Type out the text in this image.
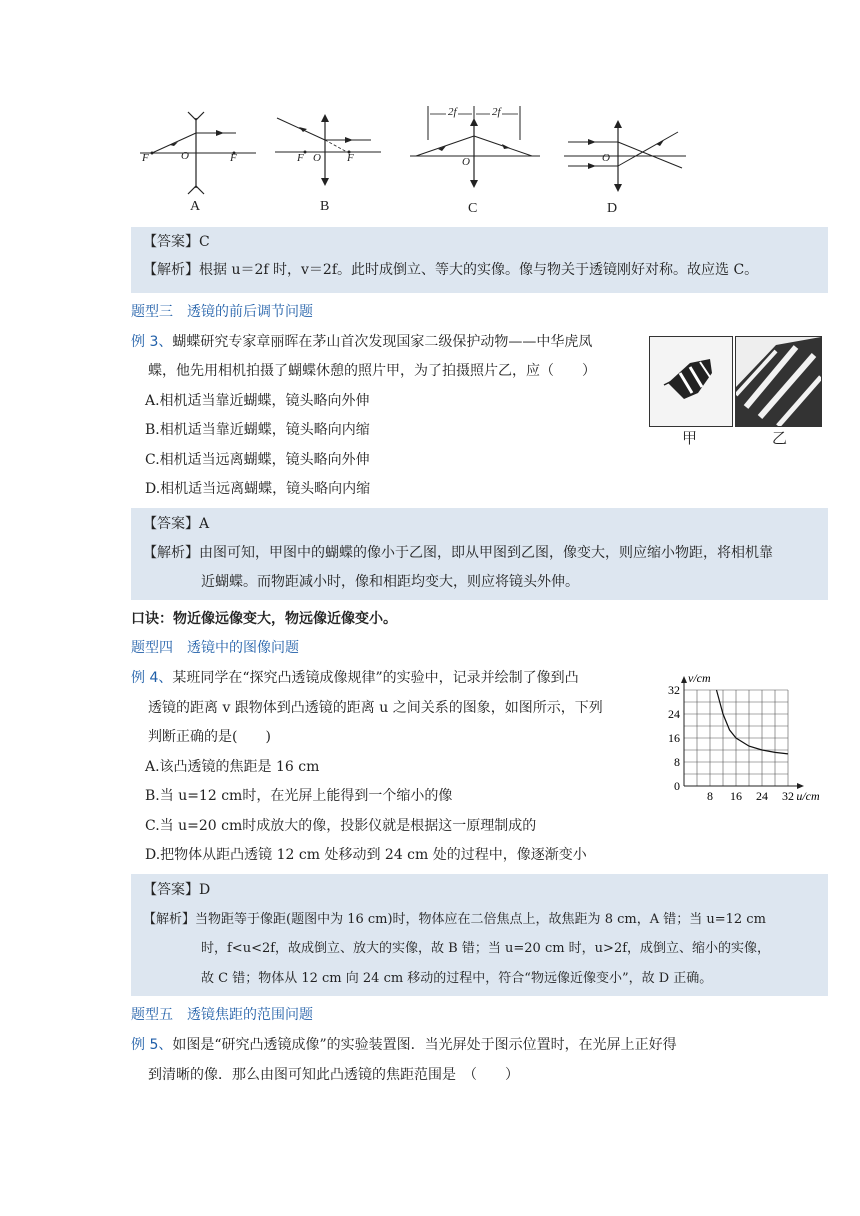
F	O	F
A
F O F
B
2f	2f
O
C
O
D
【答案】C
【解析】根据 u＝2f 时，v＝2f。此时成倒立、等大的实像。像与物关于透镜刚好对称。故应选 C。
题型三　透镜的前后调节问题
例 3、蝴蝶研究专家章丽晖在茅山首次发现国家二级保护动物——中华虎凤
蝶，他先用相机拍摄了蝴蝶休憩的照片甲，为了拍摄照片乙，应（　　）
A.相机适当靠近蝴蝶，镜头略向外伸
B.相机适当靠近蝴蝶，镜头略向内缩
C.相机适当远离蝴蝶，镜头略向外伸
D.相机适当远离蝴蝶，镜头略向内缩
甲	乙
【答案】A
【解析】由图可知，甲图中的蝴蝶的像小于乙图，即从甲图到乙图，像变大，则应缩小物距，将相机靠
近蝴蝶。而物距减小时，像和相距均变大，则应将镜头外伸。
口诀：物近像远像变大，物远像近像变小。
题型四　透镜中的图像问题
例 4、某班同学在“探究凸透镜成像规律”的实验中，记录并绘制了像到凸
透镜的距离 v 跟物体到凸透镜的距离 u 之间关系的图象，如图所示，下列
判断正确的是(　　)
A.该凸透镜的焦距是 16 cm
B.当 u=12 cm时，在光屏上能得到一个缩小的像
C.当 u=20 cm时成放大的像，投影仪就是根据这一原理制成的
D.把物体从距凸透镜 12 cm 处移动到 24 cm 处的过程中，像逐渐变小
8 16 24 32
0
8
16
24
32
u/cm
v/cm
【答案】D
【解析】当物距等于像距(题图中为 16 cm)时，物体应在二倍焦点上，故焦距为 8 cm，A 错；当 u=12 cm
时，f<u<2f，故成倒立、放大的实像，故 B 错；当 u=20 cm 时，u>2f，成倒立、缩小的实像，
故 C 错；物体从 12 cm 向 24 cm 移动的过程中，符合“物远像近像变小”，故 D 正确。
题型五　透镜焦距的范围问题
例 5、如图是“研究凸透镜成像”的实验装置图．当光屏处于图示位置时，在光屏上正好得
到清晰的像．那么由图可知此凸透镜的焦距范围是　（　　）
